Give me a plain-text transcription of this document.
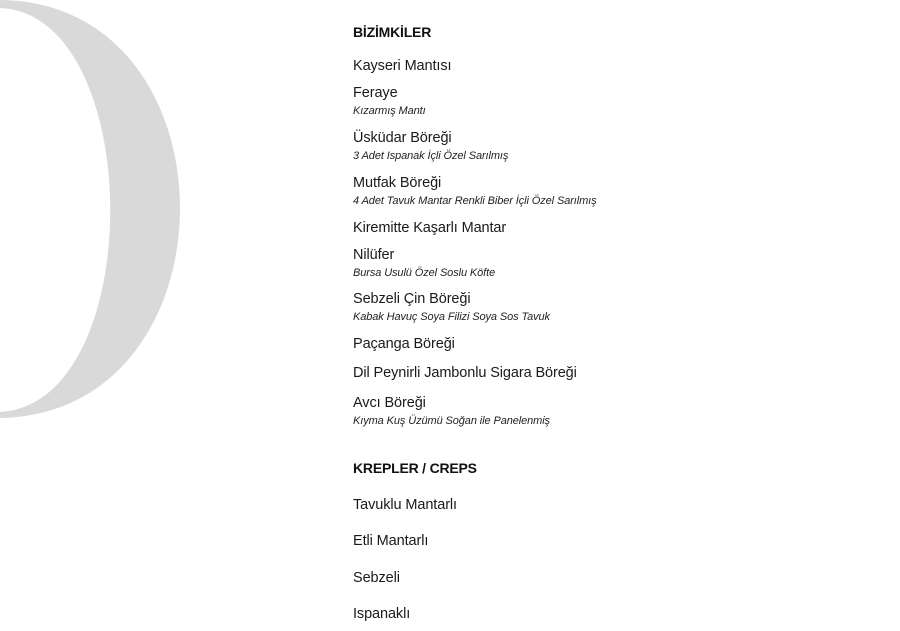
BİZİMKİLER
Kayseri Mantısı
Feraye
Kızarmış Mantı
Üsküdar Böreği
3 Adet Ispanak İçli Özel Sarılmış
Mutfak Böreği
4 Adet Tavuk Mantar Renkli Biber İçli Özel Sarılmış
Kiremitte Kaşarlı Mantar
Nilüfer
Bursa Usulü Özel Soslu Köfte
Sebzeli Çin Böreği
Kabak Havuç Soya Filizi Soya Sos Tavuk
Paçanga Böreği
Dil Peynirli Jambonlu Sigara Böreği
Avcı Böreği
Kıyma Kuş Üzümü Soğan ile Panelenmiş
KREPLER / CREPS
Tavuklu Mantarlı
Etli Mantarlı
Sebzeli
Ispanaklı
